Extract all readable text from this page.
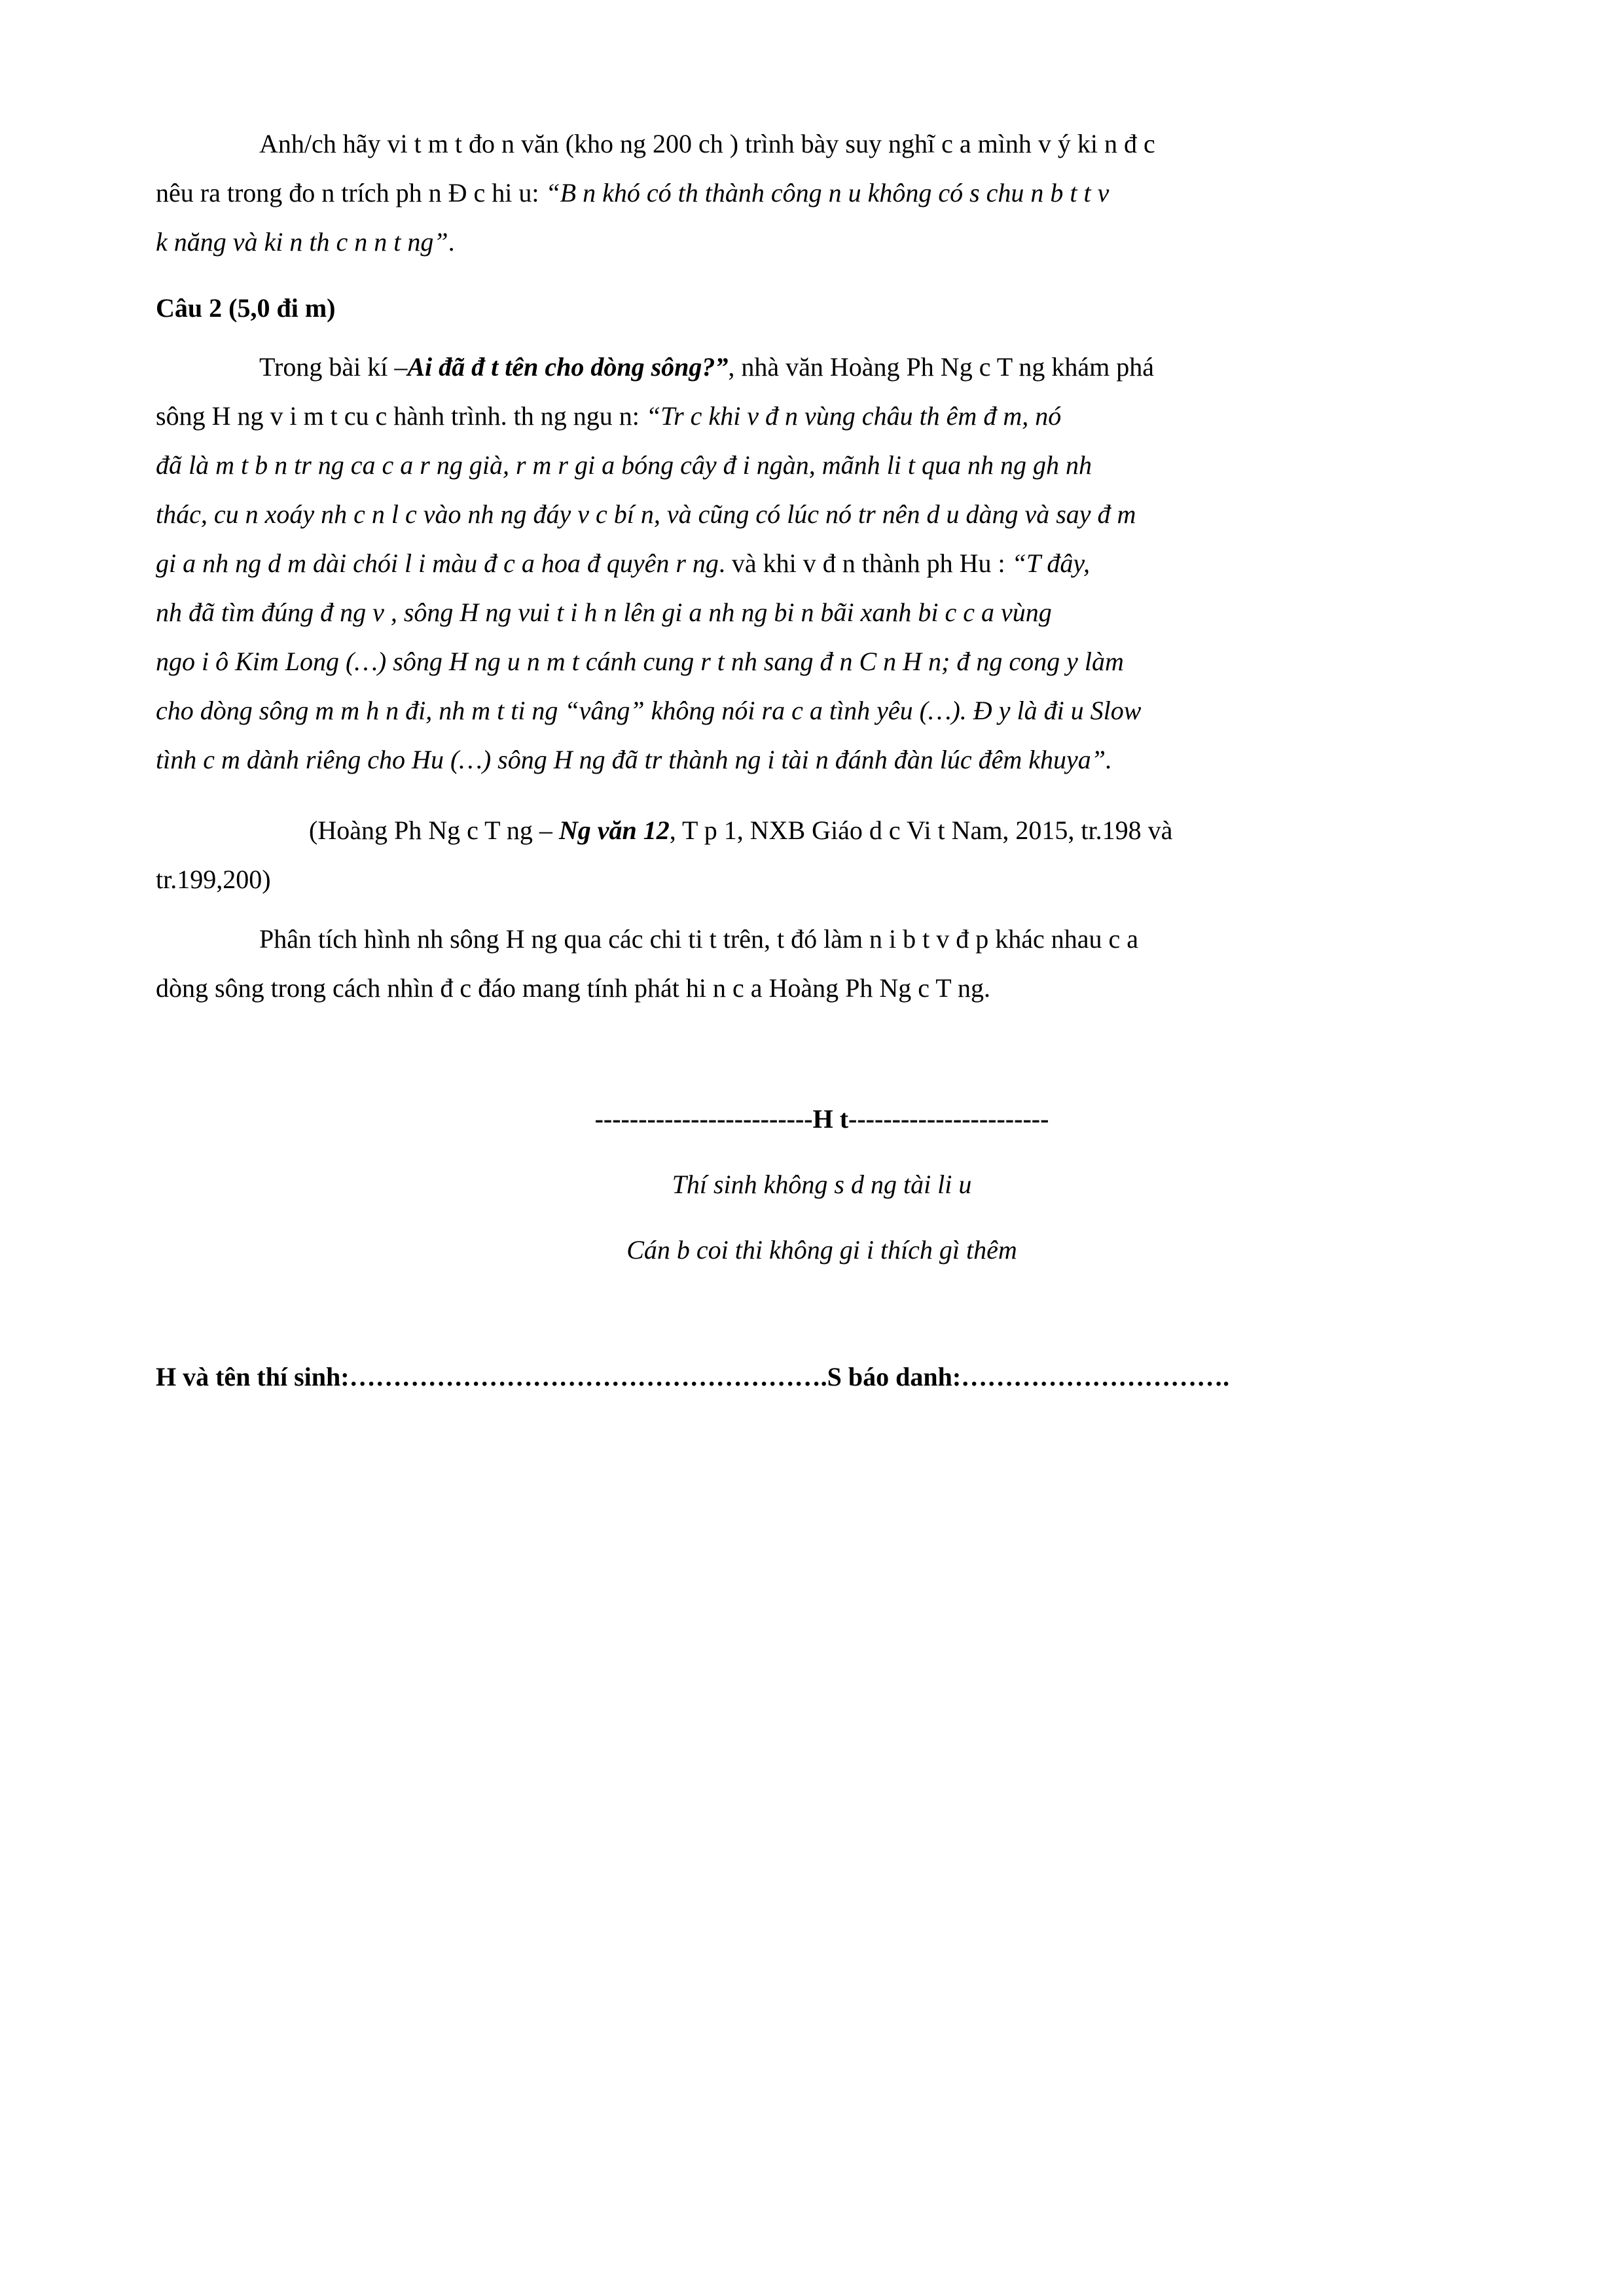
Anh/ch hãy vi t m t đo n văn (kho ng 200 ch ) trình bày suy nghĩ c a mình v ý ki n đ c
nêu ra trong đo n trích ph n Đ c hi u: “B n khó có th thành công n u không có s chu n b t t v
k năng và ki n th c n n t ng”.
Câu 2 (5,0 đi m)
Trong bài kí –Ai đã đ t tên cho dòng sông?”, nhà văn Hoàng Ph Ng c T ng khám phá
sông H ng v i m t cu c hành trình. th ng ngu n: “Tr c khi v đ n vùng châu th êm đ m, nó
đã là m t b n tr ng ca c a r ng già, r m r gi a bóng cây đ i ngàn, mãnh li t qua nh ng gh nh
thác, cu n xoáy nh c n l c vào nh ng đáy v c bí n, và cũng có lúc nó tr nên d u dàng và say đ m
gi a nh ng d m dài chói l i màu đ c a hoa đ quyên r ng. và khi v đ n thành ph Hu : “T đây,
nh đã tìm đúng đ ng v , sông H ng vui t i h n lên gi a nh ng bi n bãi xanh bi c c a vùng
ngo i ô Kim Long (…) sông H ng u n m t cánh cung r t nh sang đ n C n H n; đ ng cong y làm
cho dòng sông m m h n đi, nh m t ti ng “vâng” không nói ra c a tình yêu (…). Đ y là đi u Slow
tình c m dành riêng cho Hu (…) sông H ng đã tr thành ng i tài n đánh đàn lúc đêm khuya”.
(Hoàng Ph Ng c T ng – Ng văn 12, T p 1, NXB Giáo d c Vi t Nam, 2015, tr.198 và
tr.199,200)
Phân tích hình nh sông H ng qua các chi ti t trên, t đó làm n i b t v đ p khác nhau c a
dòng sông trong cách nhìn đ c đáo mang tính phát hi n c a Hoàng Ph Ng c T ng.
-------------------------H t-----------------------
Thí sinh không s d ng tài li u
Cán b coi thi không gi i thích gì thêm
H và tên thí sinh:……………………………………………….S báo danh:………………………….
